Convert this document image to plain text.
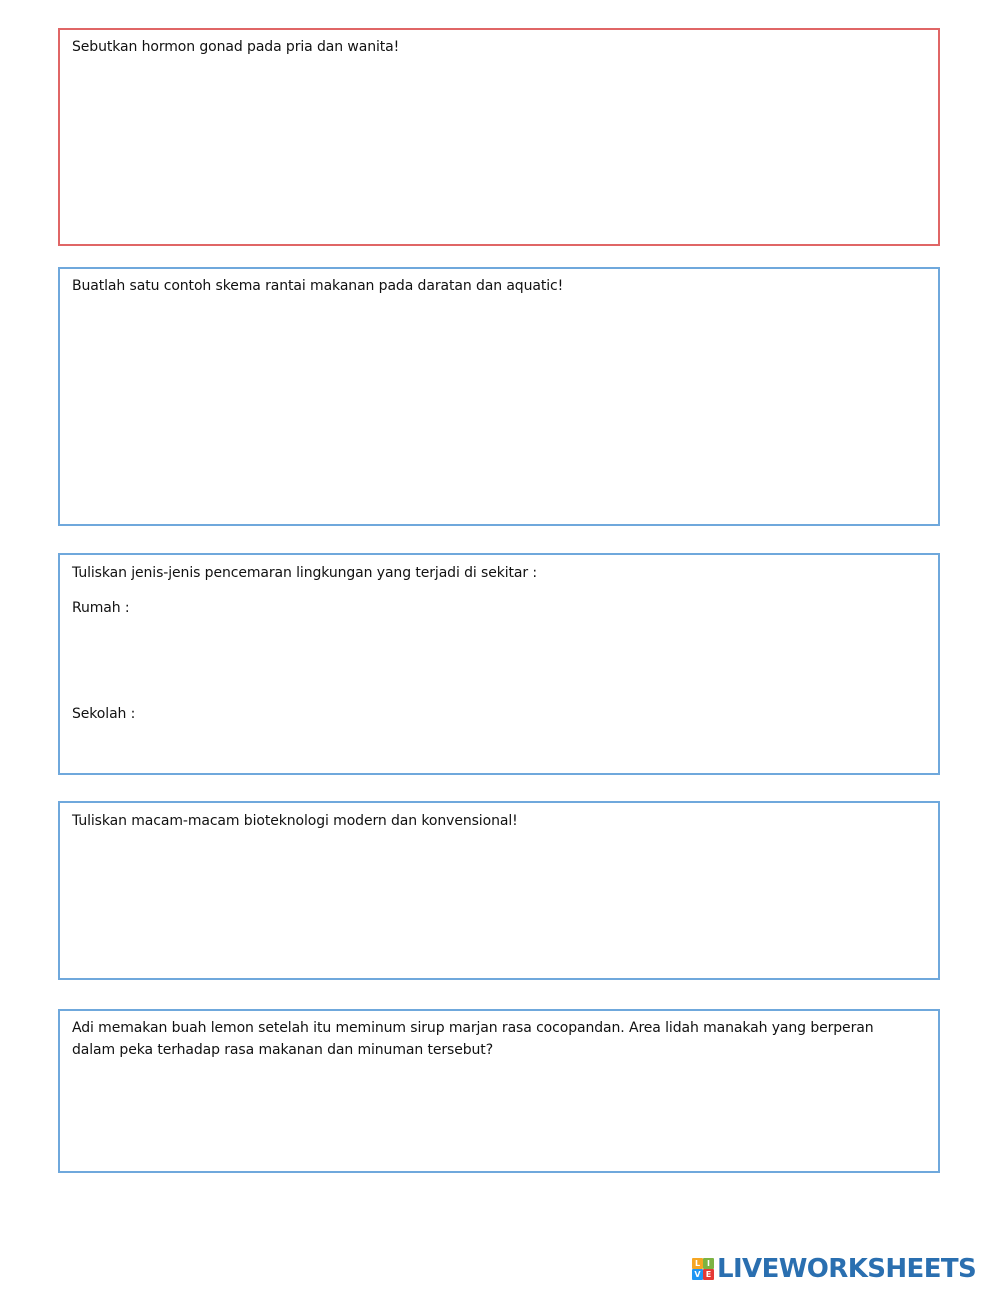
Sebutkan hormon gonad pada pria dan wanita!

Buatlah satu contoh skema rantai makanan pada daratan dan aquatic!

Tuliskan jenis-jenis pencemaran lingkungan yang terjadi di sekitar :

Rumah :

Sekolah :

Tuliskan macam-macam bioteknologi modern dan konvensional!

Adi memakan buah lemon setelah itu meminum sirup marjan rasa cocopandan. Area lidah manakah yang berperan dalam peka terhadap rasa makanan dan minuman tersebut?

L I
V E LIVEWORKSHEETS
